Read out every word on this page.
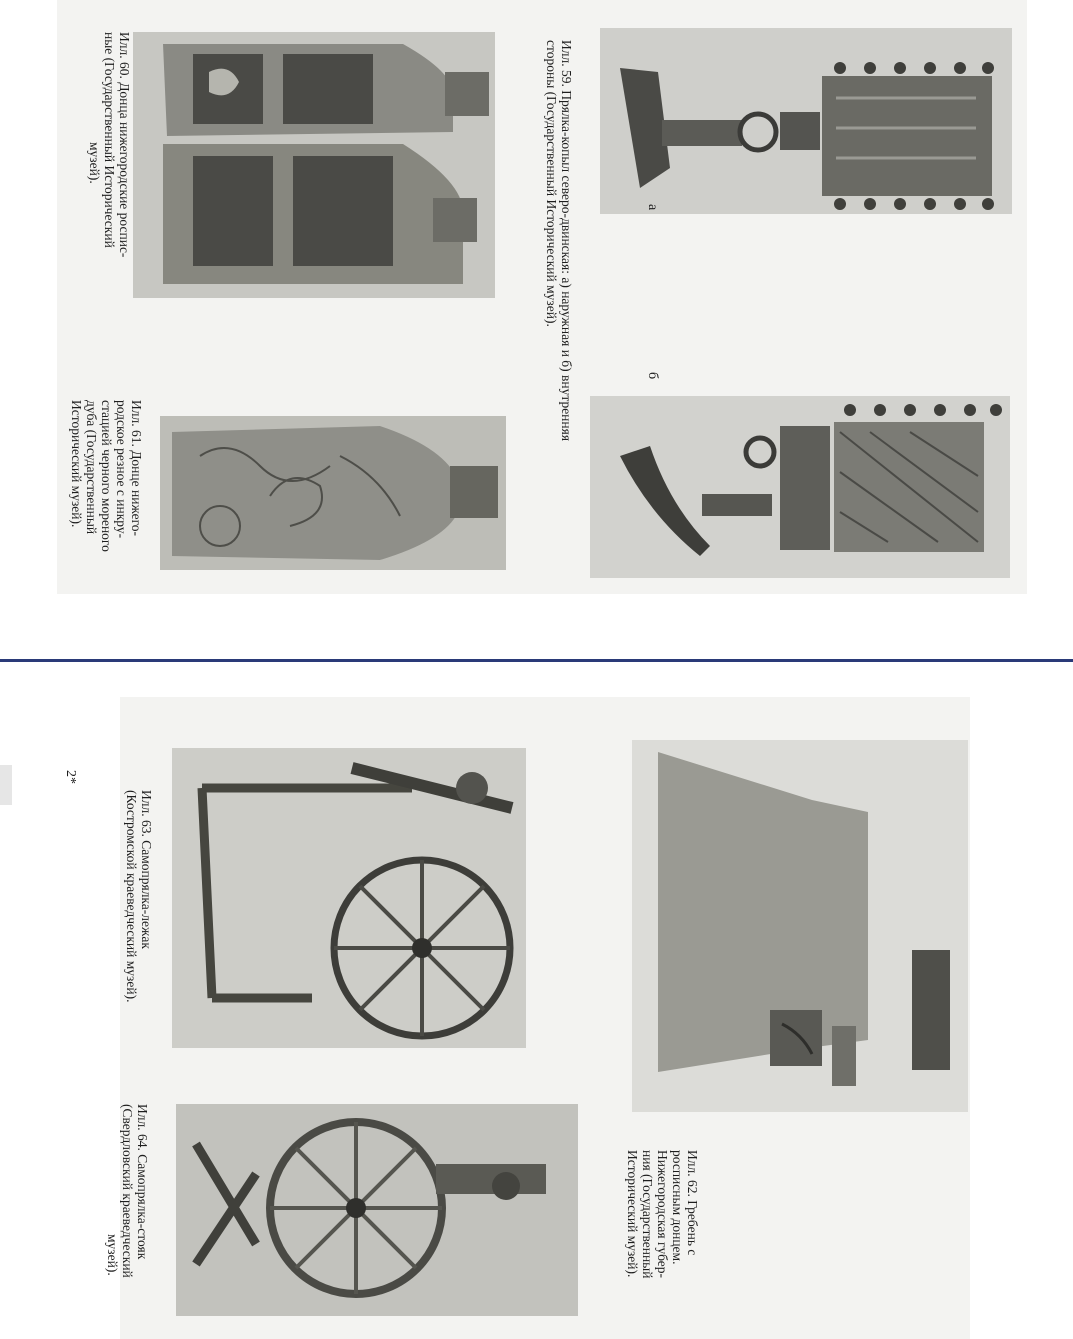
а
б
Илл. 59. Прялка-копыл северо-двинская: а) наружная и б) внутренняя
стороны (Государственный Исторический музей).
Илл. 60. Донца нижегородские роспис-
ные (Государственный Исторический
музей).
Илл. 61. Донце нижего-
родское резное с инкру-
стацией черного мореного
дуба (Государственный
Исторический музей).
Илл. 62. Гребень с
росписным донцем.
Нижегородская губер-
ния (Государственный
Исторический музей).
Илл. 63. Самопрялка-лежак
(Костромской краеведческий музей).
Илл. 64. Самопрялка-стояк
(Свердловский краеведческий
музей).
2*
